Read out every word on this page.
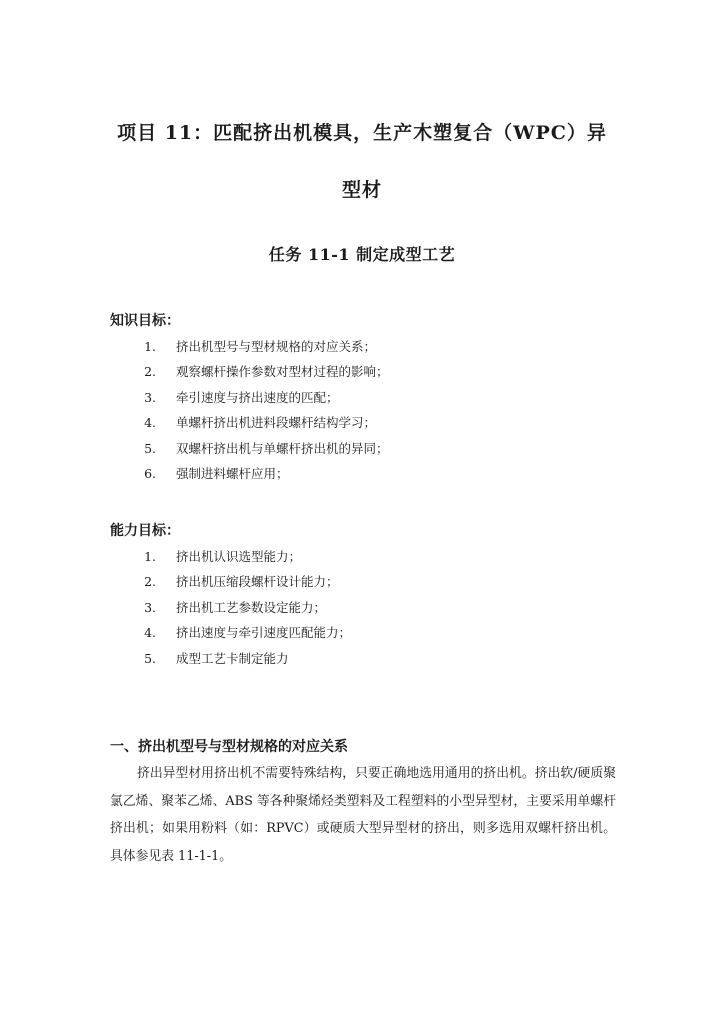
项目 11：匹配挤出机模具，生产木塑复合（WPC）异
型材
任务 11-1 制定成型工艺
知识目标：
1. 挤出机型号与型材规格的对应关系；
2. 观察螺杆操作参数对型材过程的影响；
3. 牵引速度与挤出速度的匹配；
4. 单螺杆挤出机进料段螺杆结构学习；
5. 双螺杆挤出机与单螺杆挤出机的异同；
6. 强制进料螺杆应用；
能力目标：
1. 挤出机认识选型能力；
2. 挤出机压缩段螺杆设计能力；
3. 挤出机工艺参数设定能力；
4. 挤出速度与牵引速度匹配能力；
5. 成型工艺卡制定能力
一、挤出机型号与型材规格的对应关系

挤出异型材用挤出机不需要特殊结构，只要正确地选用通用的挤出机。挤出软/硬质聚氯乙烯、聚苯乙烯、ABS 等各种聚烯烃类塑料及工程塑料的小型异型材，主要采用单螺杆挤出机；如果用粉料（如：RPVC）或硬质大型异型材的挤出，则多选用双螺杆挤出机。具体参见表 11-1-1。
